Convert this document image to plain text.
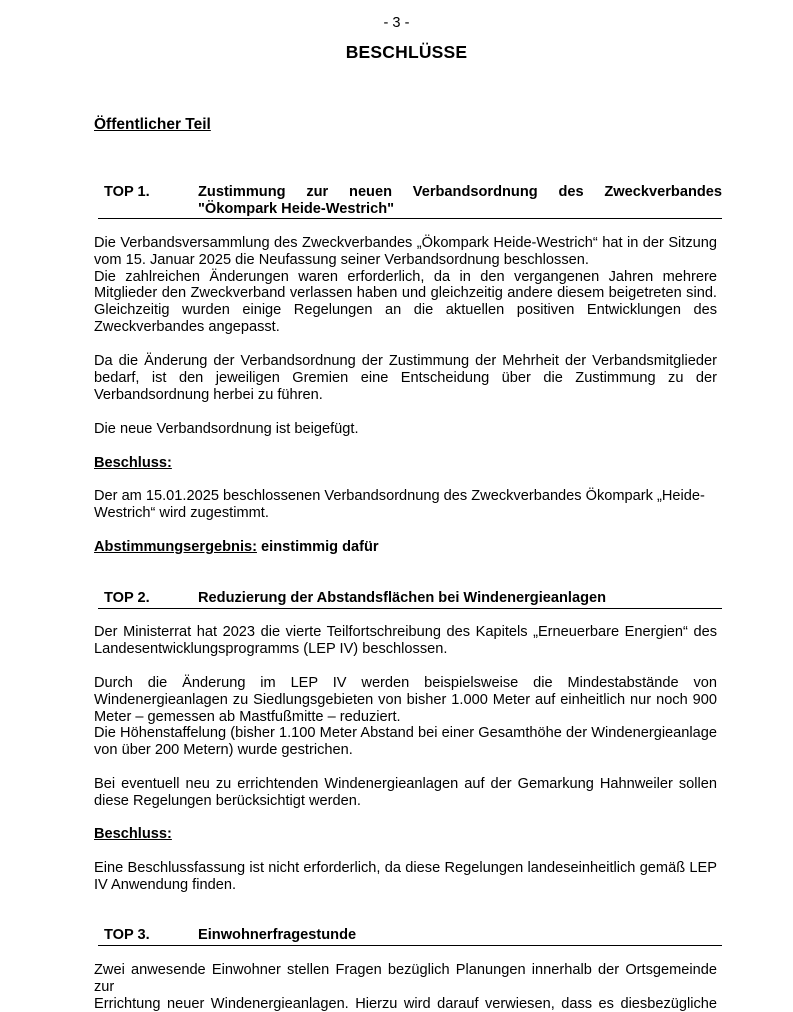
- 3 -
BESCHLÜSSE
Öffentlicher Teil
TOP 1.	Zustimmung zur neuen Verbandsordnung des Zweckverbandes
"Ökompark Heide-Westrich"
Die Verbandsversammlung des Zweckverbandes „Ökompark Heide-Westrich“ hat in der Sitzung
vom 15. Januar 2025 die Neufassung seiner Verbandsordnung beschlossen.
Die zahlreichen Änderungen waren erforderlich, da in den vergangenen Jahren mehrere
Mitglieder den Zweckverband verlassen haben und gleichzeitig andere diesem beigetreten sind.
Gleichzeitig wurden einige Regelungen an die aktuellen positiven Entwicklungen des
Zweckverbandes angepasst.
Da die Änderung der Verbandsordnung der Zustimmung der Mehrheit der Verbandsmitglieder
bedarf, ist den jeweiligen Gremien eine Entscheidung über die Zustimmung zu der
Verbandsordnung herbei zu führen.
Die neue Verbandsordnung ist beigefügt.
Beschluss:
Der am 15.01.2025 beschlossenen Verbandsordnung des Zweckverbandes Ökompark „Heide-
Westrich“ wird zugestimmt.
Abstimmungsergebnis: einstimmig dafür
TOP 2.	Reduzierung der Abstandsflächen bei Windenergieanlagen
Der Ministerrat hat 2023 die vierte Teilfortschreibung des Kapitels „Erneuerbare Energien“ des
Landesentwicklungsprogramms (LEP IV) beschlossen.
Durch die Änderung im LEP IV werden beispielsweise die Mindestabstände von
Windenergieanlagen zu Siedlungsgebieten von bisher 1.000 Meter auf einheitlich nur noch 900
Meter – gemessen ab Mastfußmitte – reduziert.
Die Höhenstaffelung (bisher 1.100 Meter Abstand bei einer Gesamthöhe der Windenergieanlage
von über 200 Metern) wurde gestrichen.
Bei eventuell neu zu errichtenden Windenergieanlagen auf der Gemarkung Hahnweiler sollen
diese Regelungen berücksichtigt werden.
Beschluss:
Eine Beschlussfassung ist nicht erforderlich, da diese Regelungen landeseinheitlich gemäß LEP
IV Anwendung finden.
TOP 3.	Einwohnerfragestunde
Zwei anwesende Einwohner stellen Fragen bezüglich Planungen innerhalb der Ortsgemeinde zur
Errichtung neuer Windenergieanlagen. Hierzu wird darauf verwiesen, dass es diesbezügliche
